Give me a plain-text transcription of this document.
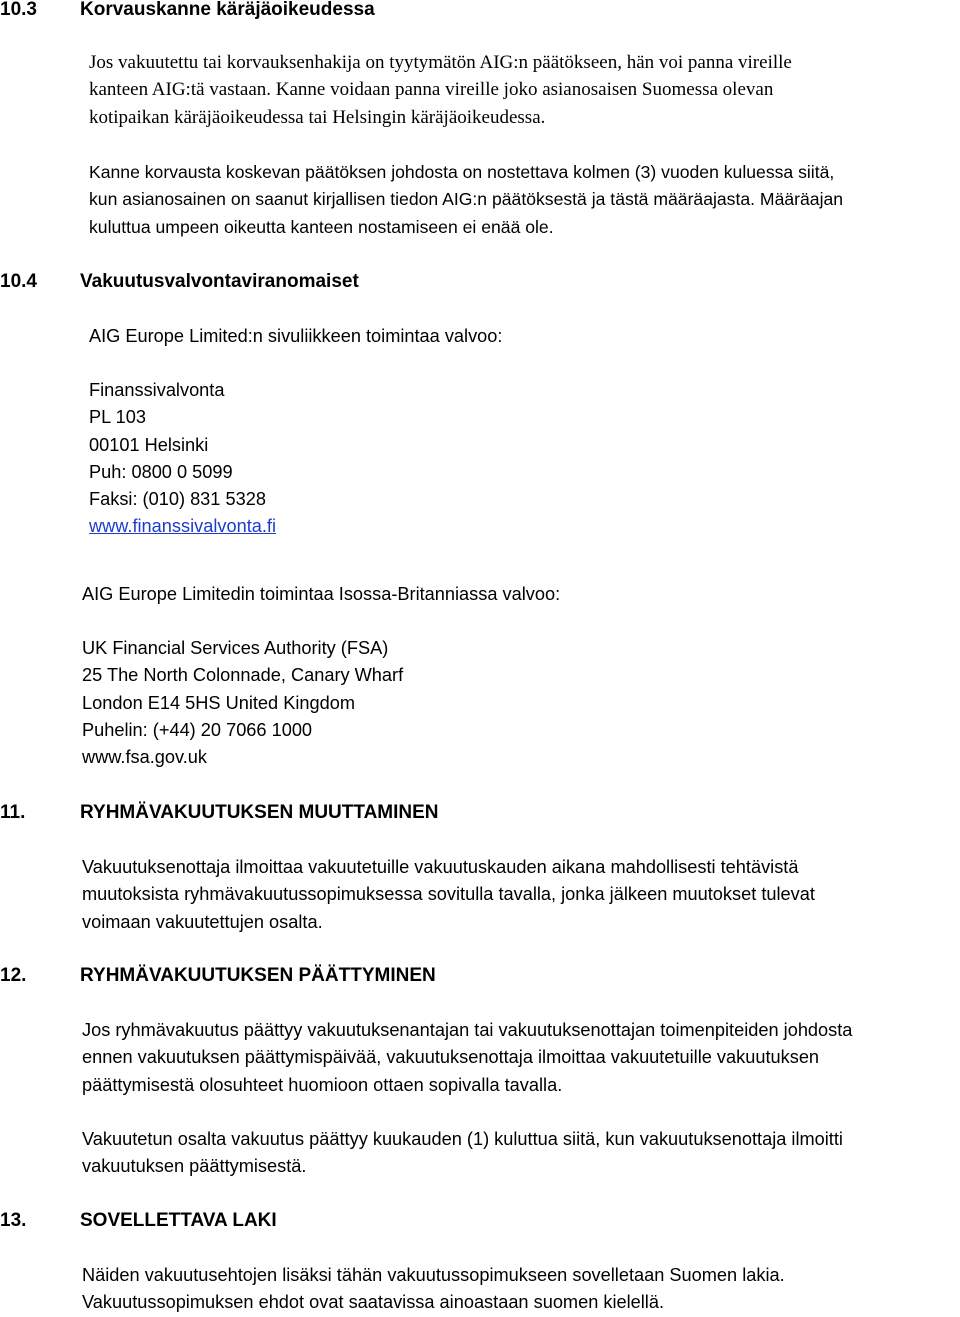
10.3 Korvauskanne käräjäoikeudessa
Jos vakuutettu tai korvauksenhakija on tyytymätön AIG:n päätökseen, hän voi panna vireille
kanteen AIG:tä vastaan. Kanne voidaan panna vireille joko asianosaisen Suomessa olevan
kotipaikan käräjäoikeudessa tai Helsingin käräjäoikeudessa.
Kanne korvausta koskevan päätöksen johdosta on nostettava kolmen (3) vuoden kuluessa siitä,
kun asianosainen on saanut kirjallisen tiedon AIG:n päätöksestä ja tästä määräajasta. Määräajan
kuluttua umpeen oikeutta kanteen nostamiseen ei enää ole.
10.4 Vakuutusvalvontaviranomaiset
AIG Europe Limited:n sivuliikkeen toimintaa valvoo:
Finanssivalvonta
PL 103
00101 Helsinki
Puh: 0800 0 5099
Faksi: (010) 831 5328
www.finanssivalvonta.fi
AIG Europe Limitedin toimintaa Isossa-Britanniassa valvoo:
UK Financial Services Authority (FSA)
25 The North Colonnade, Canary Wharf
London E14 5HS United Kingdom
Puhelin: (+44) 20 7066 1000
www.fsa.gov.uk
11.	RYHMÄVAKUUTUKSEN MUUTTAMINEN
Vakuutuksenottaja ilmoittaa vakuutetuille vakuutuskauden aikana mahdollisesti tehtävistä
muutoksista ryhmävakuutussopimuksessa sovitulla tavalla, jonka jälkeen muutokset tulevat
voimaan vakuutettujen osalta.
12.	RYHMÄVAKUUTUKSEN PÄÄTTYMINEN
Jos ryhmävakuutus päättyy vakuutuksenantajan tai vakuutuksenottajan toimenpiteiden johdosta
ennen vakuutuksen päättymispäivää, vakuutuksenottaja ilmoittaa vakuutetuille vakuutuksen
päättymisestä olosuhteet huomioon ottaen sopivalla tavalla.
Vakuutetun osalta vakuutus päättyy kuukauden (1) kuluttua siitä, kun vakuutuksenottaja ilmoitti
vakuutuksen päättymisestä.
13.	SOVELLETTAVA LAKI
Näiden vakuutusehtojen lisäksi tähän vakuutussopimukseen sovelletaan Suomen lakia.
Vakuutussopimuksen ehdot ovat saatavissa ainoastaan suomen kielellä.
